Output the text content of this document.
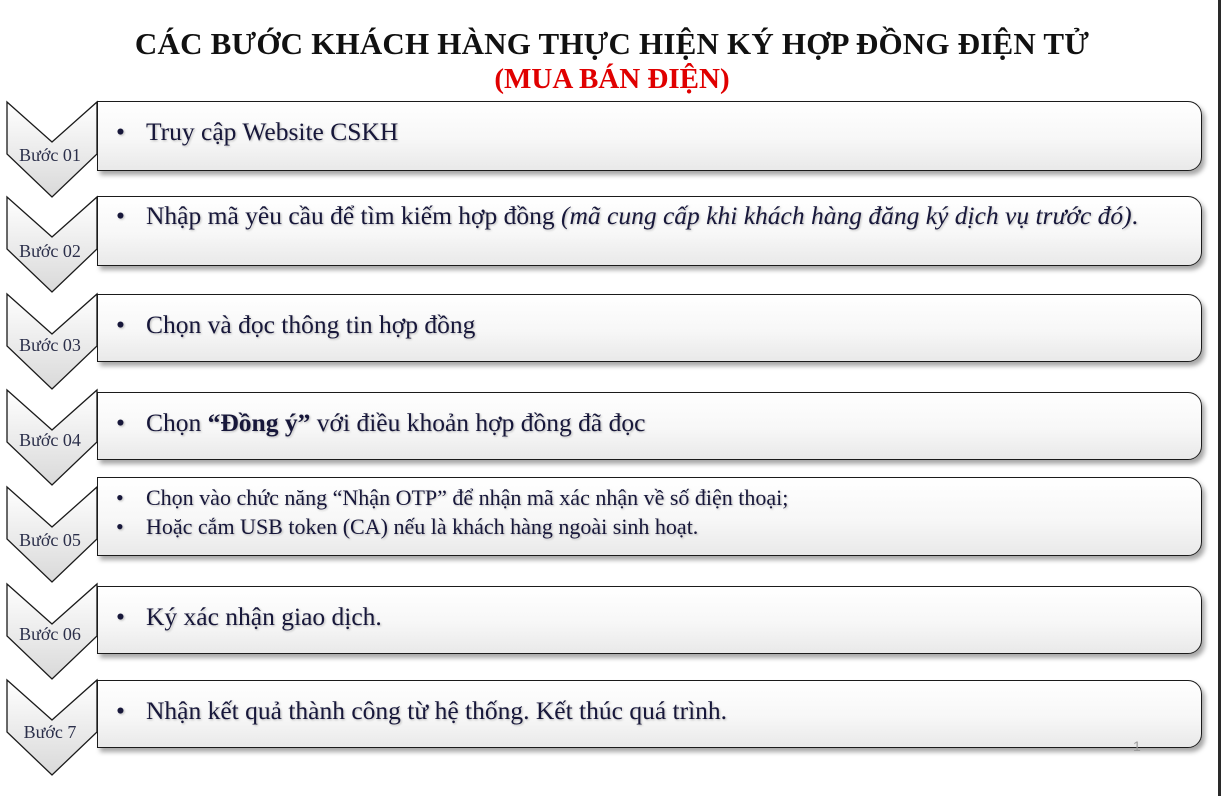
CÁC BƯỚC KHÁCH HÀNG THỰC HIỆN KÝ HỢP ĐỒNG ĐIỆN TỬ
(MUA BÁN ĐIỆN)
Bước 01
• Truy cập Website CSKH
Bước 02
• Nhập mã yêu cầu để tìm kiếm hợp đồng (mã cung cấp khi khách hàng đăng ký dịch vụ trước đó).
Bước 03
• Chọn và đọc thông tin hợp đồng
Bước 04
• Chọn “Đồng ý” với điều khoản hợp đồng đã đọc
Bước 05
• Chọn vào chức năng “Nhận OTP” để nhận mã xác nhận về số điện thoại;
• Hoặc cắm USB token (CA) nếu là khách hàng ngoài sinh hoạt.
Bước 06
• Ký xác nhận giao dịch.
Bước 7
• Nhận kết quả thành công từ hệ thống. Kết thúc quá trình.
1
